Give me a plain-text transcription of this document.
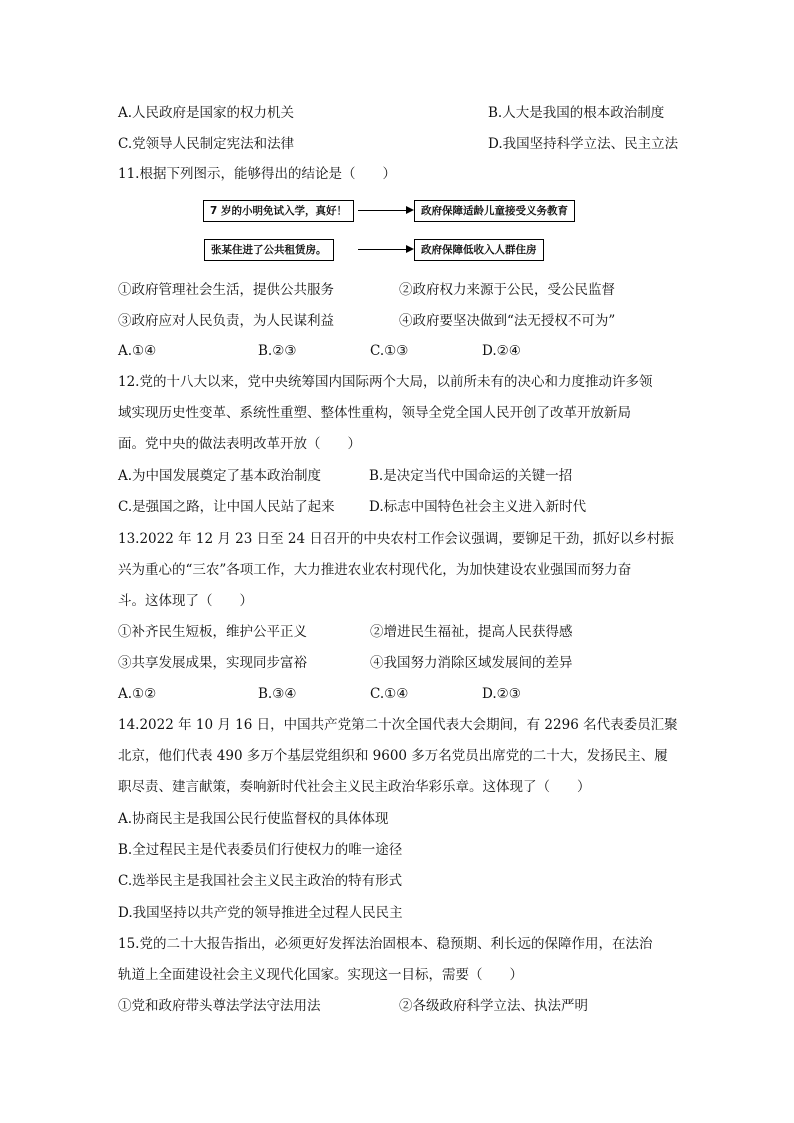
A.人民政府是国家的权力机关	B.人大是我国的根本政治制度
C.党领导人民制定宪法和法律	D.我国坚持科学立法、民主立法
11.根据下列图示，能够得出的结论是（　　）
7 岁的小明免试入学，真好！	政府保障适龄儿童接受义务教育
张某住进了公共租赁房。	政府保障低收入人群住房
①政府管理社会生活，提供公共服务	②政府权力来源于公民，受公民监督
③政府应对人民负责，为人民谋利益	④政府要坚决做到“法无授权不可为”
A.①④	B.②③	C.①③	D.②④
12.党的十八大以来，党中央统筹国内国际两个大局，以前所未有的决心和力度推动许多领
域实现历史性变革、系统性重塑、整体性重构，领导全党全国人民开创了改革开放新局
面。党中央的做法表明改革开放（　　）
A.为中国发展奠定了基本政治制度	B.是决定当代中国命运的关键一招
C.是强国之路，让中国人民站了起来	D.标志中国特色社会主义进入新时代
13.2022 年 12 月 23 日至 24 日召开的中央农村工作会议强调，要铆足干劲，抓好以乡村振
兴为重心的“三农”各项工作，大力推进农业农村现代化，为加快建设农业强国而努力奋
斗。这体现了（　　）
①补齐民生短板，维护公平正义	②增进民生福祉，提高人民获得感
③共享发展成果，实现同步富裕	④我国努力消除区域发展间的差异
A.①②	B.③④	C.①④	D.②③
14.2022 年 10 月 16 日，中国共产党第二十次全国代表大会期间，有 2296 名代表委员汇聚
北京，他们代表 490 多万个基层党组织和 9600 多万名党员出席党的二十大，发扬民主、履
职尽责、建言献策，奏响新时代社会主义民主政治华彩乐章。这体现了（　　）
A.协商民主是我国公民行使监督权的具体体现
B.全过程民主是代表委员们行使权力的唯一途径
C.选举民主是我国社会主义民主政治的特有形式
D.我国坚持以共产党的领导推进全过程人民民主
15.党的二十大报告指出，必须更好发挥法治固根本、稳预期、利长远的保障作用，在法治
轨道上全面建设社会主义现代化国家。实现这一目标，需要（　　）
①党和政府带头尊法学法守法用法	②各级政府科学立法、执法严明
